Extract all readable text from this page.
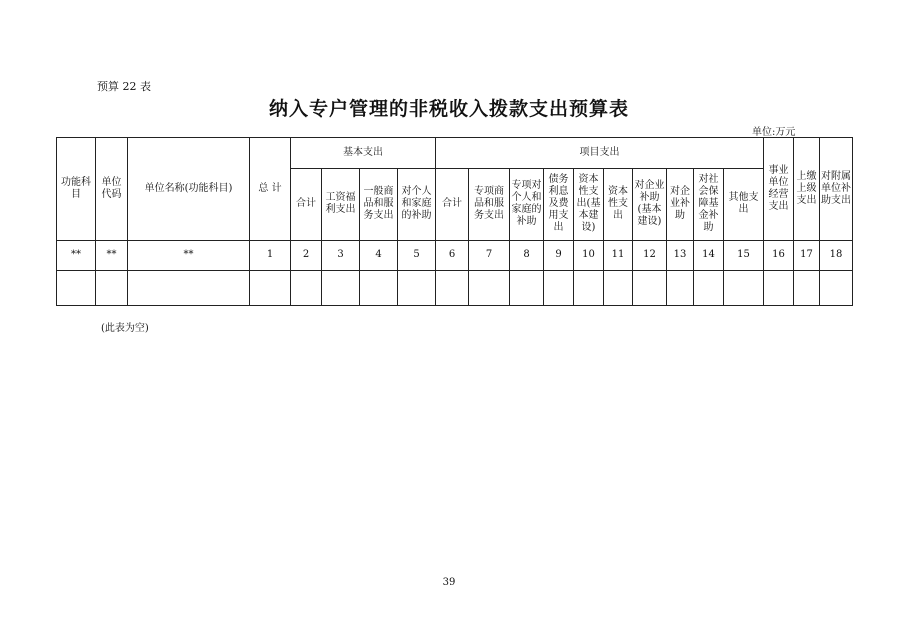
预算 22 表
纳入专户管理的非税收入拨款支出预算表
单位:万元
功能科目	单位代码	单位名称(功能科目)	总 计	基本支出				项目支出										事业单位经营支出	上缴上级支出	对附属单位补助支出
				合计	工资福利支出	一般商品和服务支出	对个人和家庭的补助	合计	专项商品和服务支出	专项对个人和家庭的补助	债务利息及费用支出	资本性支出(基本建设)	资本性支出	对企业补助(基本建设)	对企业补助	对社会保障基金补助	其他支出			
**	**	**	1	2	3	4	5	6	7	8	9	10	11	12	13	14	15	16	17	18

(此表为空)
39
